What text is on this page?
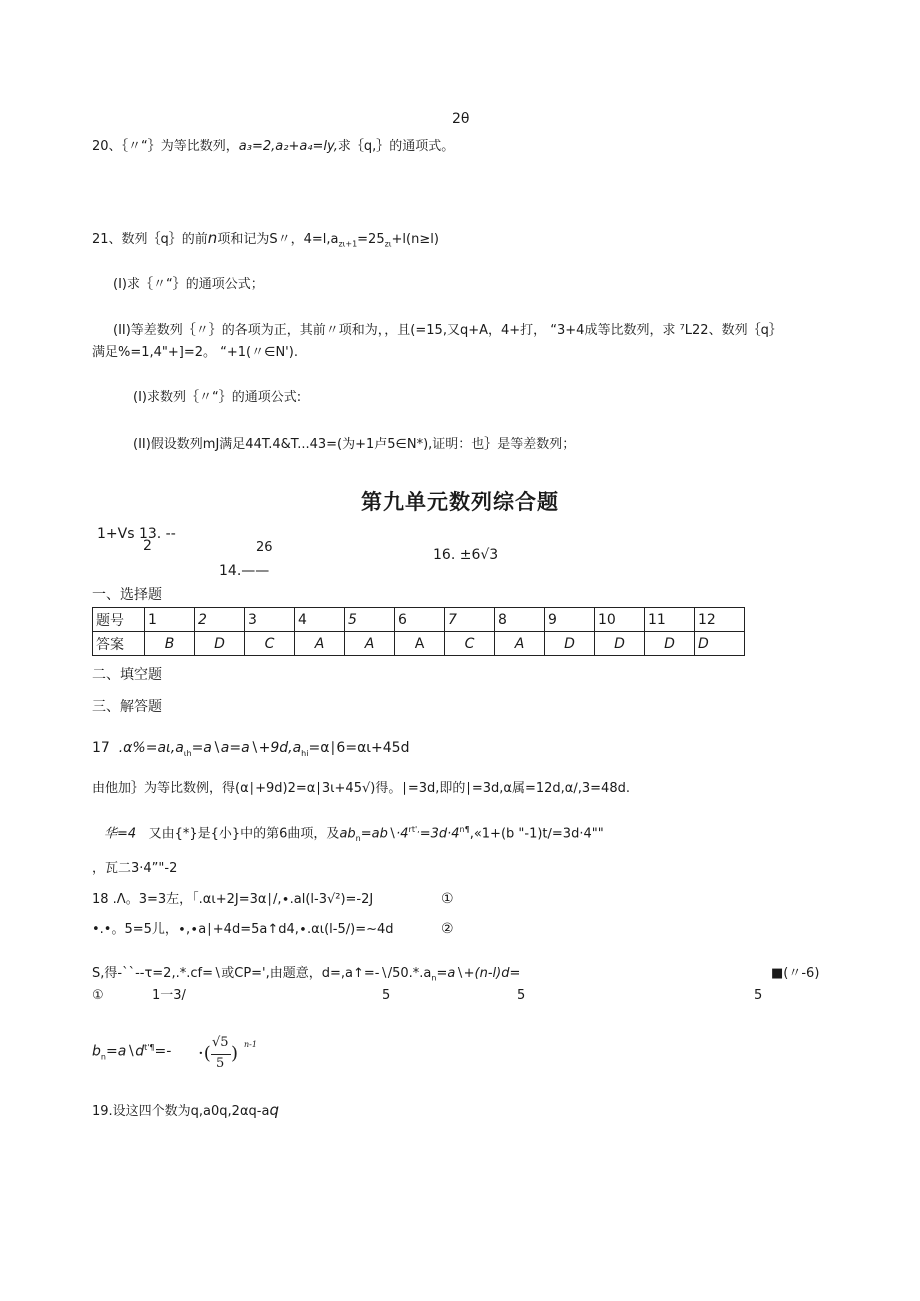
2θ
20、｛〃“｝为等比数列，a₃=2,a₂+a₄=ly,求｛q,｝的通项式。
21、数列｛q｝的前n项和记为S〃，$4=l,a_{z\iota+1}=25_{z\iota}+l(n\ge l)$
(I)求｛〃“｝的通项公式；
(II)等差数列｛〃｝的各项为正，其前〃项和为，，且(=15,又q+A，4+打， “3+4成等比数列，求 ⁷L22、数列｛q｝
满足%=1,4"+]=2。 “+1(〃∈N').
(I)求数列｛〃“｝的通项公式:
(II)假设数列mJ满足44T.4&T...43=(为+1卢5∈N*),证明：也｝是等差数列；
第九单元数列综合题
1+Vs 13. --
2	26
14.——
16. ±6√3
一、选择题
题号	1	2	3	4	5	6	7	8	9	10	11	12
答案	B	D	C	A	A	A	C	A	D	D	D	D
二、填空题
三、解答题
17 $.\alpha\%=a\iota,a_{\iota h}=a∖a=a∖+9d,a_{hi}=\alpha∣6=\alpha\iota+45d$
由他加｝为等比数例，得(α∣+9d)2=α∣3ι+45√)得。∣=3d,即的∣=3d,α属=12d,α∕,3=48d.
华=4 又由{*}是{小}中的第6曲项，及$ab_n=ab∖\cdot 4^{rt',}=3d\cdot 4^{n\P},«1+(b$ "-1)t∕=3d·4""
，瓦二3·4”"-2
18 .Λ。3=3左，「.αι+2J=3α∣/,∙.al(l-3√²)=-2J	①
•.•。5=5儿，∙,∙a∣+4d=5a↑d4,∙.αι(l-5∕)=~4d	②
S,得-``--τ=2,.*.cf=∖或CP=',由题意，$d=,a↑=-∖/50.*.a_n=a∖+(n-l)d=$	■(〃-6)
①	1一3/	5	5	5
$b_n=a∖d^{t'\P}=-$ ·(
√5
5 ) n-1
19.设这四个数为q,a0q,2αq-aq
